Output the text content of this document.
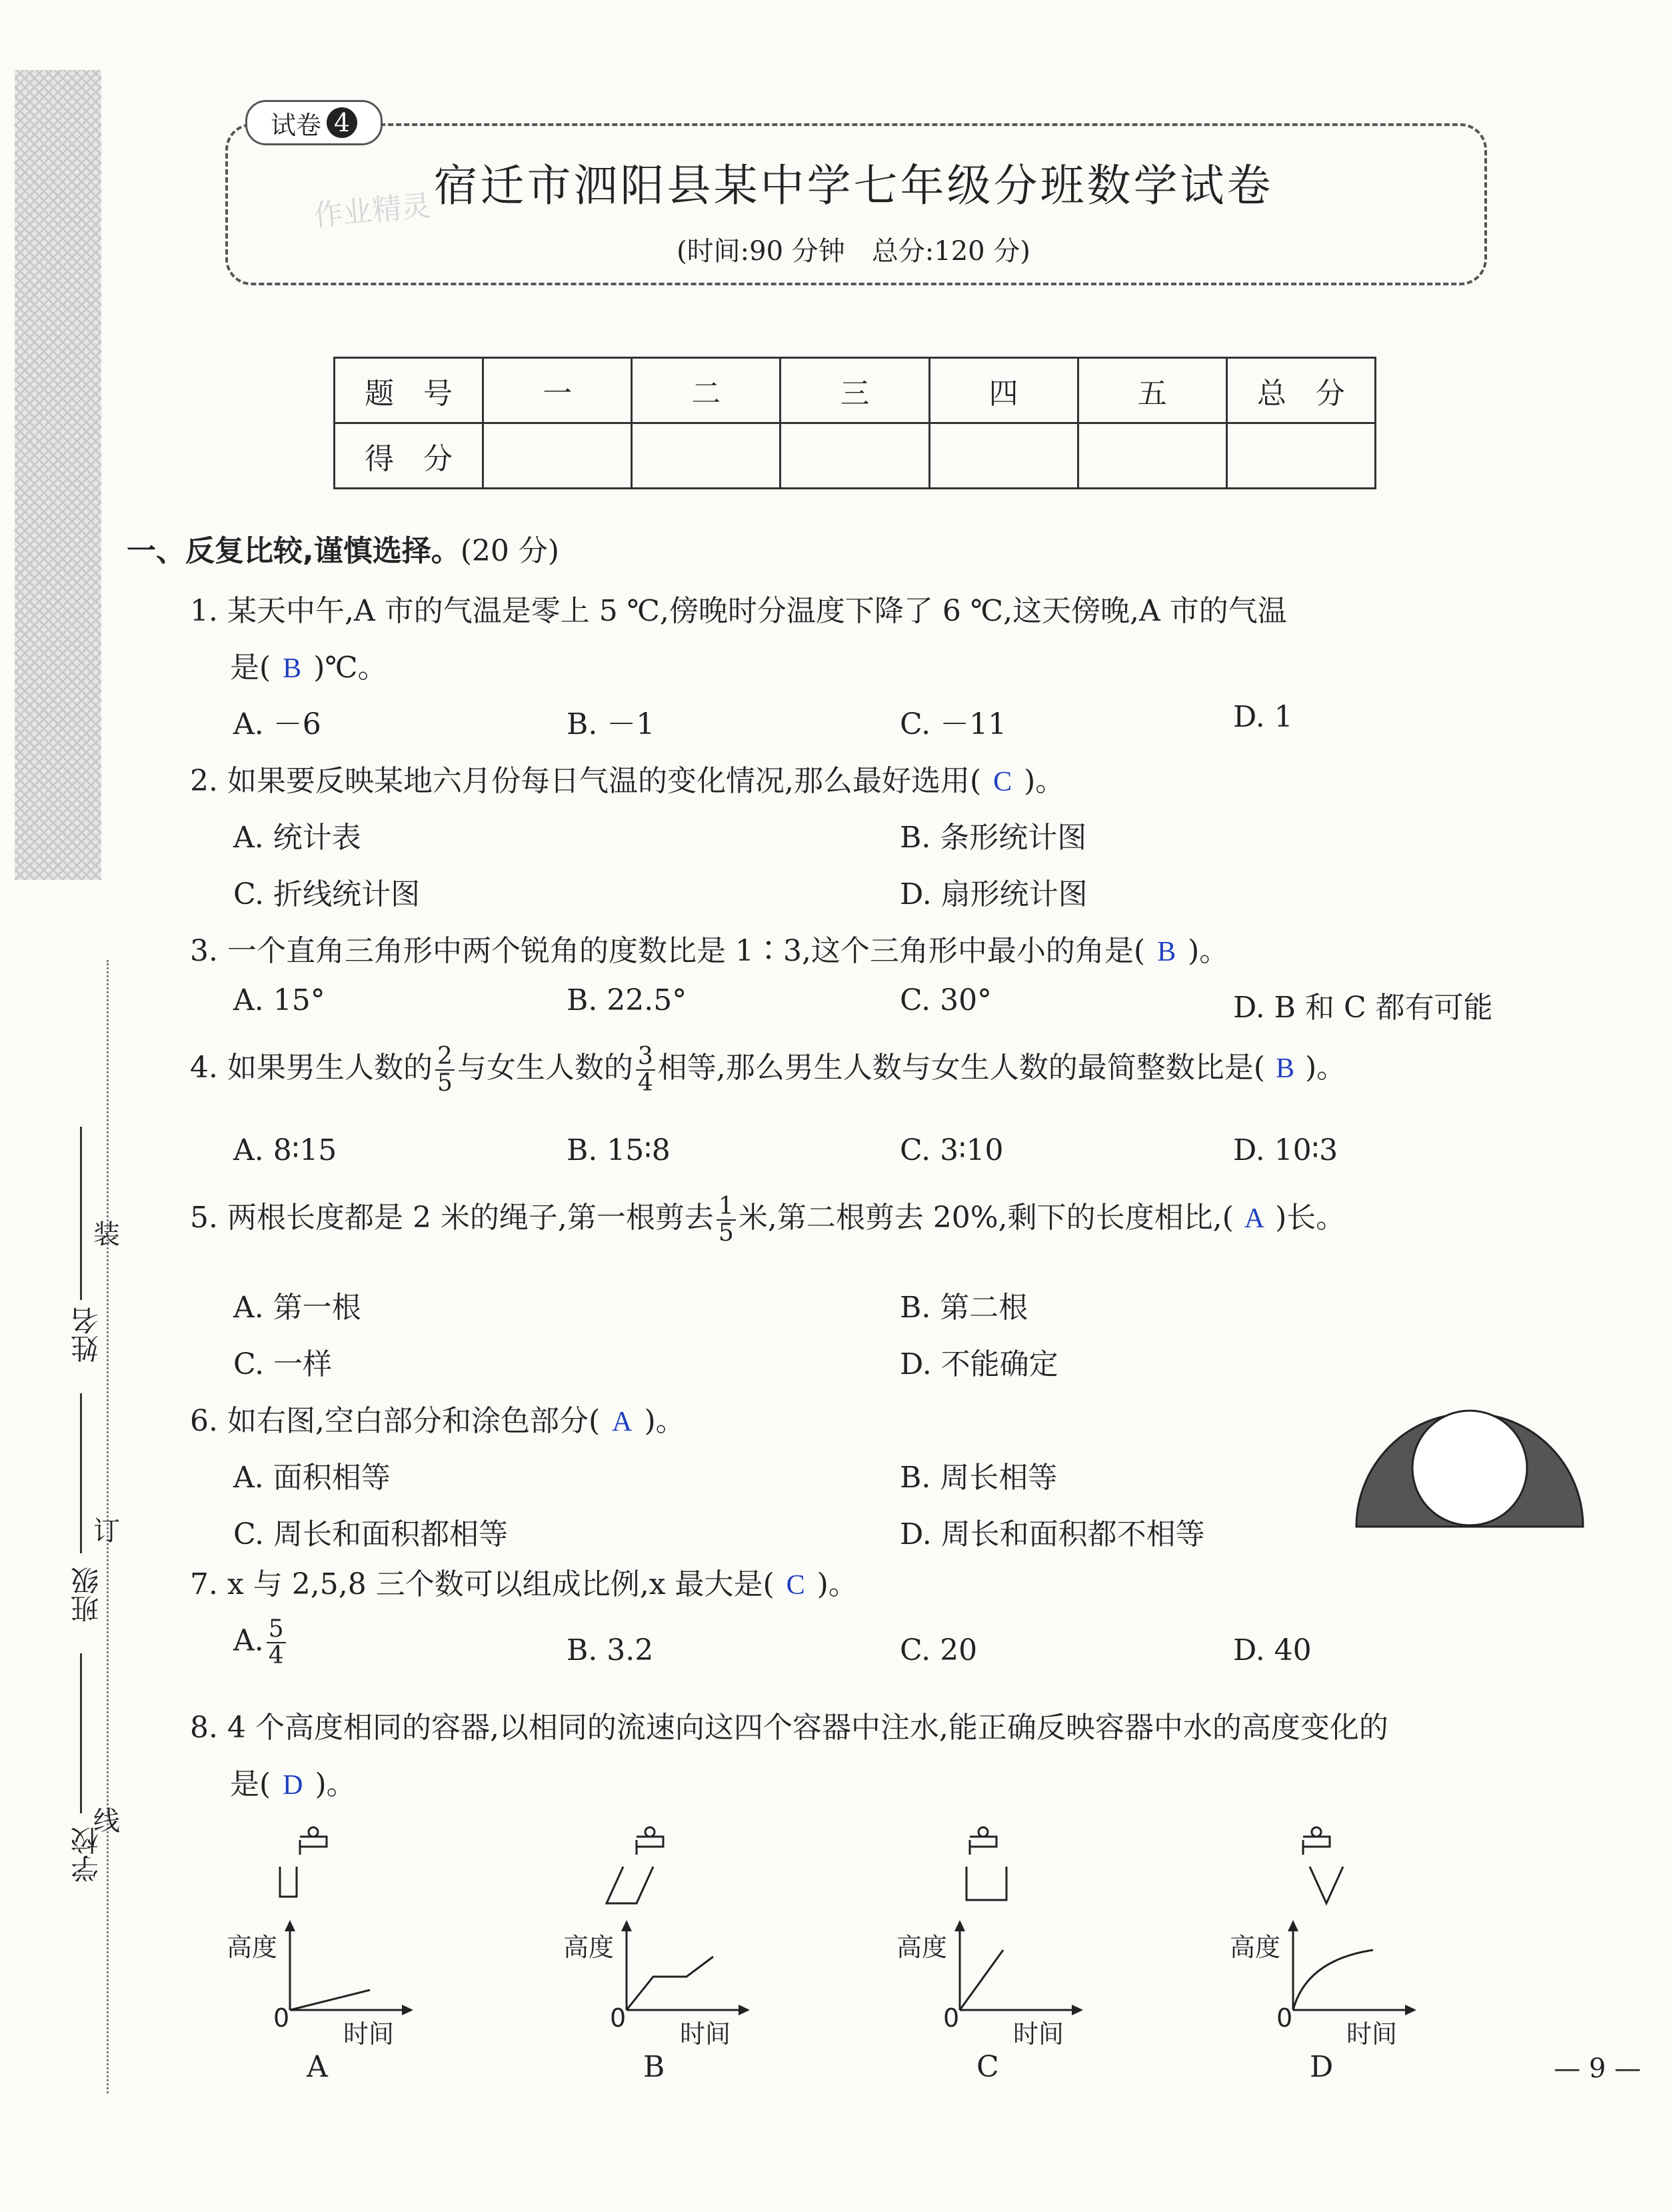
试卷 4
宿迁市泗阳县某中学七年级分班数学试卷
(时间:90 分钟　总分:120 分)
题　号	一	二	三	四	五	总　分
得　分						
一、反复比较,谨慎选择。(20 分)
1. 某天中午,A 市的气温是零上 5 ℃,傍晚时分温度下降了 6 ℃,这天傍晚,A 市的气温
是( B )℃。
A. －6	B. －1	C. －11	D. 1
2. 如果要反映某地六月份每日气温的变化情况,那么最好选用( C )。
A. 统计表	B. 条形统计图
C. 折线统计图	D. 扇形统计图
3. 一个直角三角形中两个锐角的度数比是 1∶3,这个三角形中最小的角是( B )。
A. 15°	B. 22.5°	C. 30°	D. B 和 C 都有可能
4. 如果男生人数的 $\frac{2}{5}$ 与女生人数的 $\frac{3}{4}$ 相等,那么男生人数与女生人数的最简整数比是( B )。
A. 8∶15	B. 15∶8	C. 3∶10	D. 10∶3
5. 两根长度都是 2 米的绳子,第一根剪去 $\frac{1}{5}$ 米,第二根剪去 20%,剩下的长度相比,( A )长。
A. 第一根	B. 第二根
C. 一样	D. 不能确定
6. 如右图,空白部分和涂色部分( A )。
A. 面积相等	B. 周长相等
C. 周长和面积都相等	D. 周长和面积都不相等
7. x 与 2,5,8 三个数可以组成比例,x 最大是( C )。
A. $\frac{5}{4}$	B. 3.2	C. 20	D. 40
8. 4 个高度相同的容器,以相同的流速向这四个容器中注水,能正确反映容器中水的高度变化的
是( D )。
高度
0
时间
A
高度
0
时间
B
高度
0
时间
C
高度
0
时间
D
姓名
班级
学校
装
订
线
作业精灵
— 9 —
